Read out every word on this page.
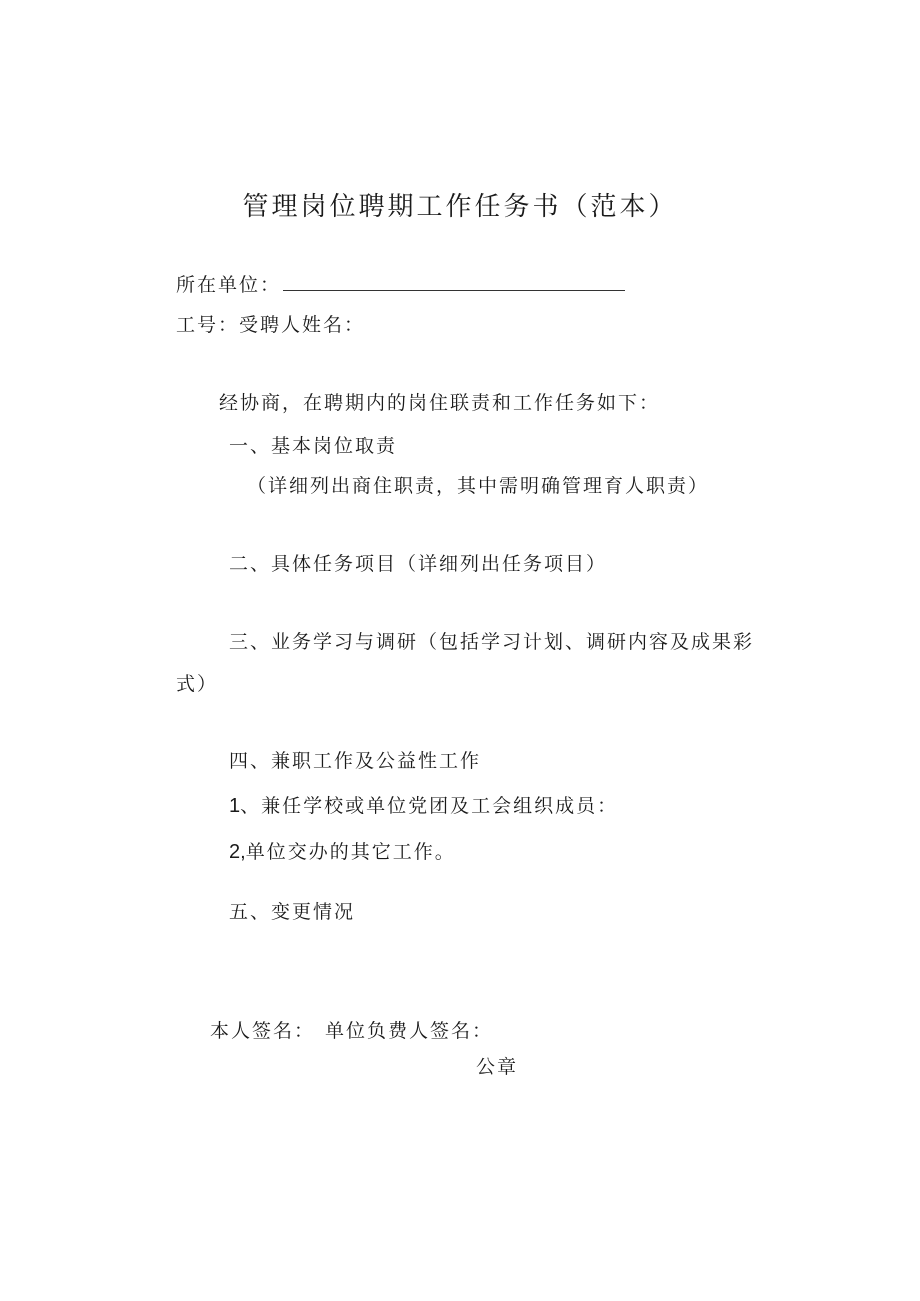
管理岗位聘期工作任务书（范本）
所在单位：
工号：受聘人姓名：
经协商，在聘期内的岗住联责和工作任务如下：
一、基本岗位取责
（详细列出商住职责，其中需明确管理育人职责）
二、具体任务项目（详细列出任务项目）
三、业务学习与调研（包括学习计划、调研内容及成果彩
式）
四、兼职工作及公益性工作
1、兼任学校或单位党团及工会组织成员：
2,单位交办的其它工作。
五、变更情况
本人签名： 单位负费人签名：
公章
